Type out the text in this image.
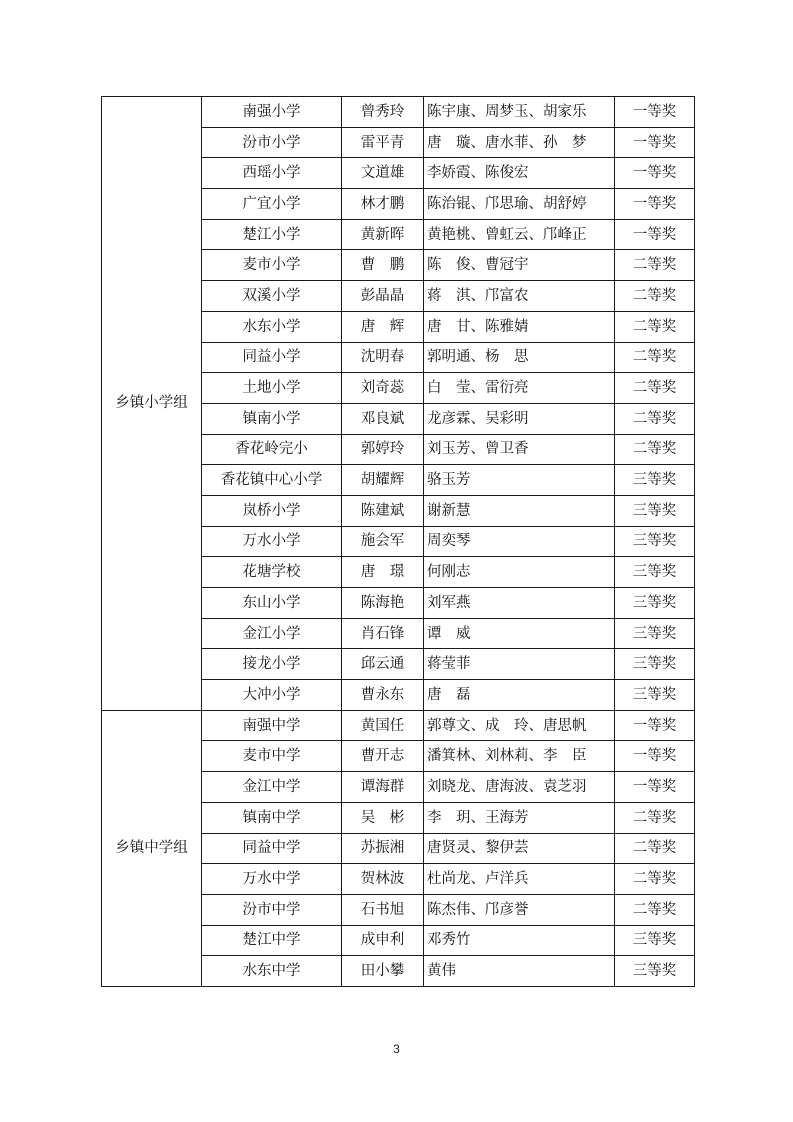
乡镇小学组	南强小学	曾秀玲	陈宇康、周梦玉、胡家乐	一等奖
	汾市小学	雷平青	唐　璇、唐水菲、孙　梦	一等奖
	西瑶小学	文道雄	李娇霞、陈俊宏	一等奖
	广宜小学	林才鹏	陈治锟、邝思瑜、胡舒婷	一等奖
	楚江小学	黄新晖	黄艳桃、曾虹云、邝峰正	一等奖
	麦市小学	曹　鹏	陈　俊、曹冠宇	二等奖
	双溪小学	彭晶晶	蒋　淇、邝富农	二等奖
	水东小学	唐　辉	唐　甘、陈雅婧	二等奖
	同益小学	沈明春	郭明通、杨　思	二等奖
	土地小学	刘奇蕊	白　莹、雷衍亮	二等奖
	镇南小学	邓良斌	龙彦霖、吴彩明	二等奖
	香花岭完小	郭婷玲	刘玉芳、曾卫香	二等奖
	香花镇中心小学	胡耀辉	骆玉芳	三等奖
	岚桥小学	陈建斌	谢新慧	三等奖
	万水小学	施会军	周奕琴	三等奖
	花塘学校	唐　璟	何刚志	三等奖
	东山小学	陈海艳	刘军燕	三等奖
	金江小学	肖石锋	谭　威	三等奖
	接龙小学	邱云通	蒋莹菲	三等奖
	大冲小学	曹永东	唐　磊	三等奖
乡镇中学组	南强中学	黄国任	郭尊文、成　玲、唐思帆	一等奖
	麦市中学	曹开志	潘箕林、刘林莉、李　臣	一等奖
	金江中学	谭海群	刘晓龙、唐海波、袁芝羽	一等奖
	镇南中学	吴　彬	李　玥、王海芳	二等奖
	同益中学	苏振湘	唐贤灵、黎伊芸	二等奖
	万水中学	贺林波	杜尚龙、卢洋兵	二等奖
	汾市中学	石书旭	陈杰伟、邝彦誉	二等奖
	楚江中学	成申利	邓秀竹	三等奖
	水东中学	田小攀	黄伟	三等奖
3
